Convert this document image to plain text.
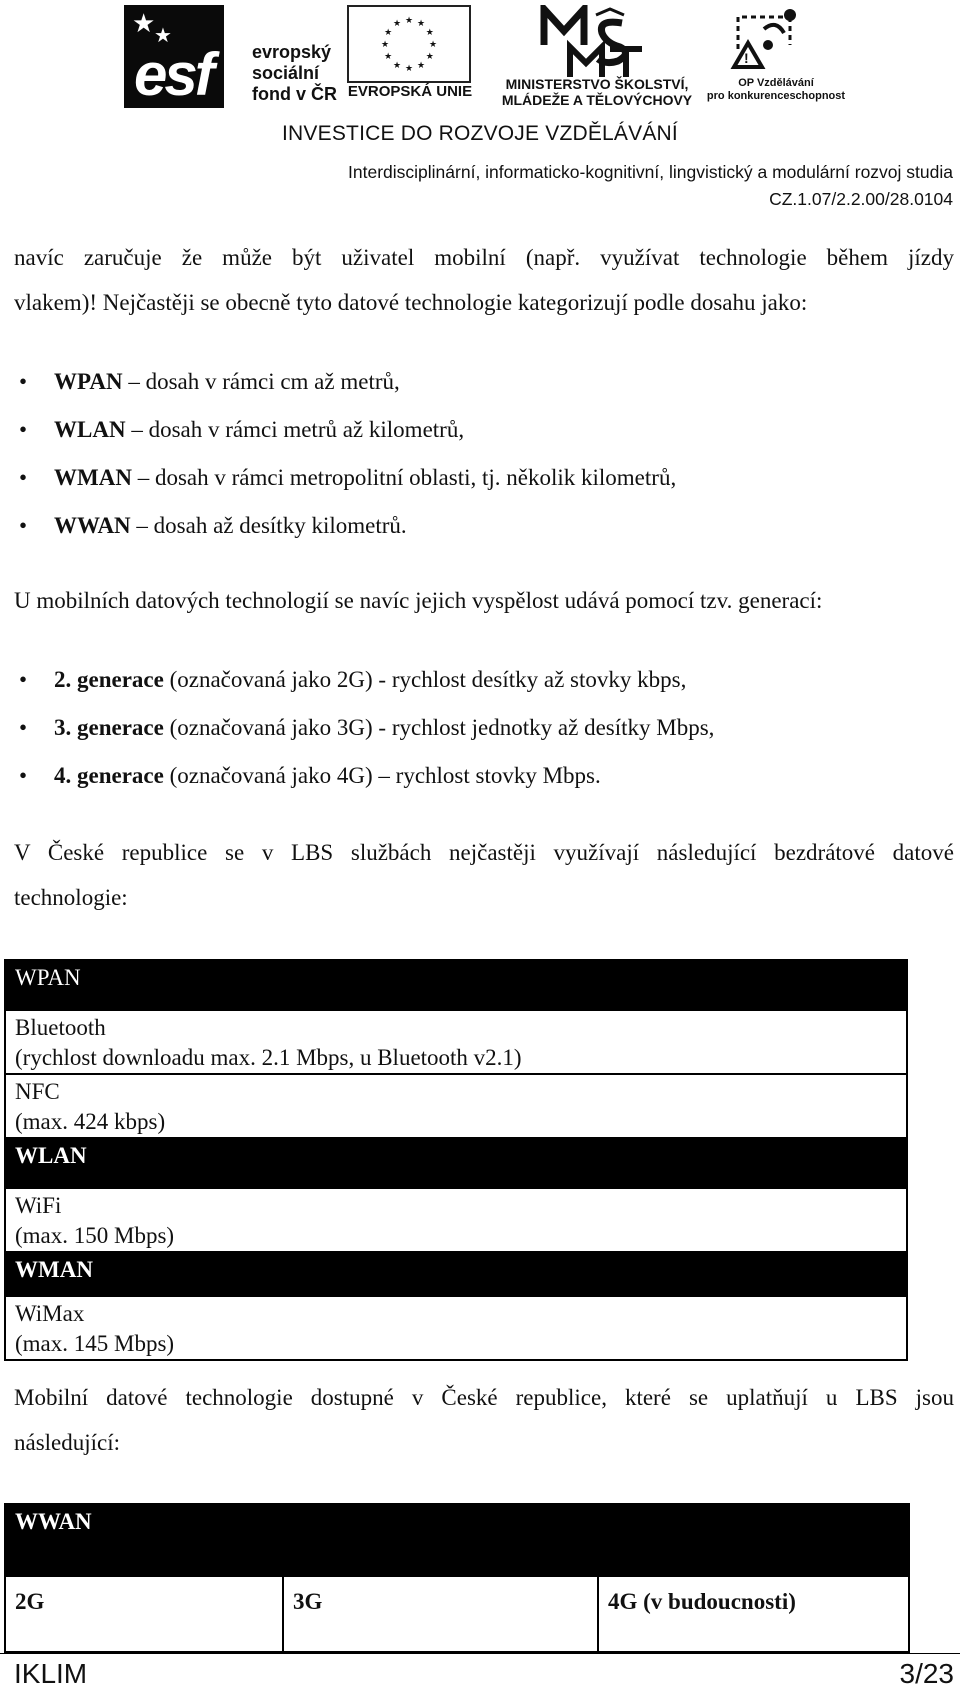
★
★
esf evropský
sociální
fond v ČR
★ ★
★
★
★
★
★
★
★
★
★
★
EVROPSKÁ UNIE	MINISTERSTVO ŠKOLSTVÍ,
MLÁDEŽE A TĚLOVÝCHOVY
!
OP Vzdělávání
pro konkurenceschopnost
INVESTICE DO ROZVOJE VZDĚLÁVÁNÍ
Interdisciplinární, informaticko-kognitivní, lingvistický a modulární rozvoj studia
CZ.1.07/2.2.00/28.0104
navíc zaručuje že může být uživatel mobilní (např. využívat technologie během jízdy
vlakem)! Nejčastěji se obecně tyto datové technologie kategorizují podle dosahu jako:
• WPAN – dosah v rámci cm až metrů,
• WLAN – dosah v rámci metrů až kilometrů,
• WMAN – dosah v rámci metropolitní oblasti, tj. několik kilometrů,
• WWAN – dosah až desítky kilometrů.
U mobilních datových technologií se navíc jejich vyspělost udává pomocí tzv. generací:
• 2. generace (označovaná jako 2G) - rychlost desítky až stovky kbps,
• 3. generace (označovaná jako 3G) - rychlost jednotky až desítky Mbps,
• 4. generace (označovaná jako 4G) – rychlost stovky Mbps.
V České republice se v LBS službách nejčastěji využívají následující bezdrátové datové
technologie:
WPAN

Bluetooth
(rychlost downloadu max. 2.1 Mbps, u Bluetooth v2.1)

NFC
(max. 424 kbps)

WLAN

WiFi
(max. 150 Mbps)

WMAN

WiMax
(max. 145 Mbps)
Mobilní datové technologie dostupné v České republice, které se uplatňují u LBS jsou
následující:
WWAN

2G	3G	4G (v budoucnosti)
IKLIM	3/23
